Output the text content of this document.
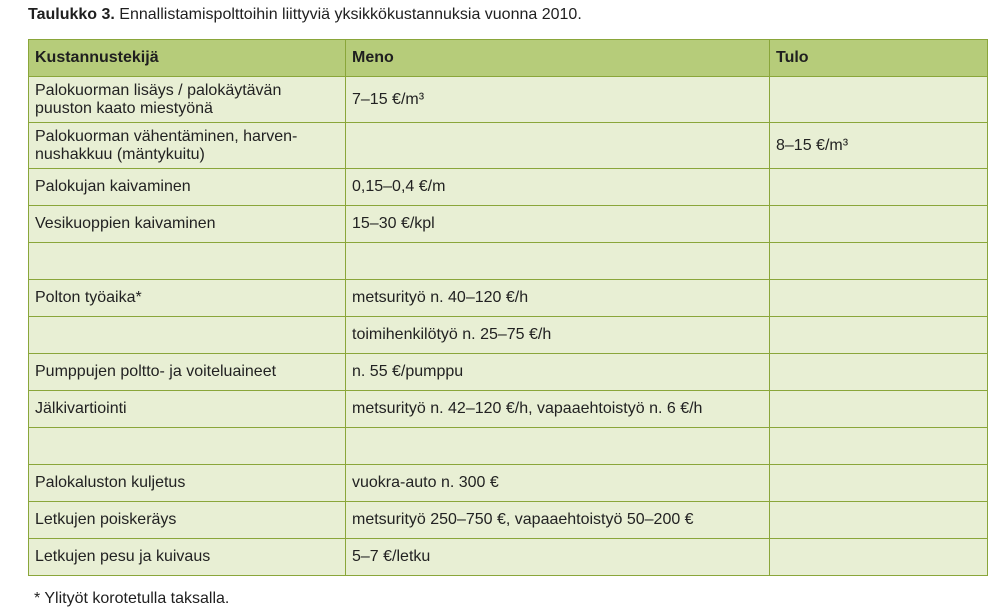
Taulukko 3. Ennallistamispolttoihin liittyviä yksikkökustannuksia vuonna 2010.
Kustannustekijä	Meno	Tulo
Palokuorman lisäys / palokäytävän puuston kaato miestyönä	7–15 €/m³	
Palokuorman vähentäminen, harven-nushakkuu (mäntykuitu)		8–15 €/m³
Palokujan kaivaminen	0,15–0,4 €/m	
Vesikuoppien kaivaminen	15–30 €/kpl	

Polton työaika*	metsurityö n. 40–120 €/h	
	toimihenkilötyö n. 25–75 €/h	
Pumppujen poltto- ja voiteluaineet	n. 55 €/pumppu	
Jälkivartiointi	metsurityö n. 42–120 €/h, vapaaehtoistyö n. 6 €/h	

Palokaluston kuljetus	vuokra-auto n. 300 €	
Letkujen poiskeräys	metsurityö 250–750 €, vapaaehtoistyö 50–200 €	
Letkujen pesu ja kuivaus	5–7 €/letku	
* Ylityöt korotetulla taksalla.
